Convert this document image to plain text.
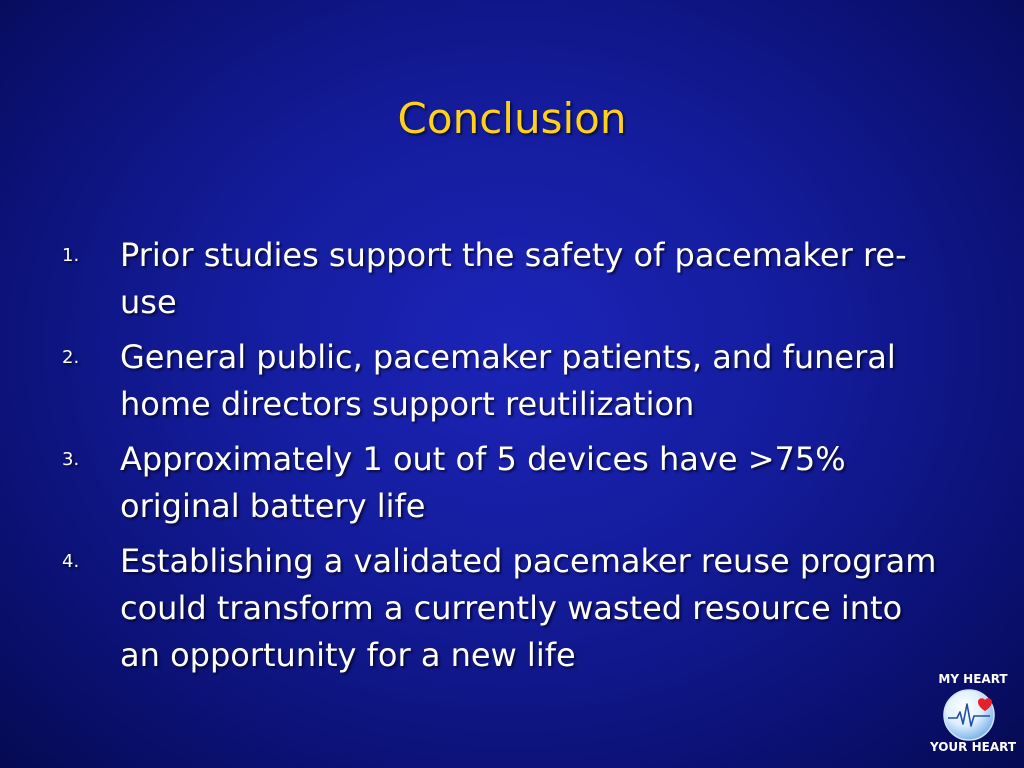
Conclusion
1. Prior studies support the safety of pacemaker re-use
2. General public, pacemaker patients, and funeral home directors support reutilization
3. Approximately 1 out of 5 devices have >75% original battery life
4. Establishing a validated pacemaker reuse program could transform a currently wasted resource into an opportunity for a new life
MY HEART
YOUR HEART
